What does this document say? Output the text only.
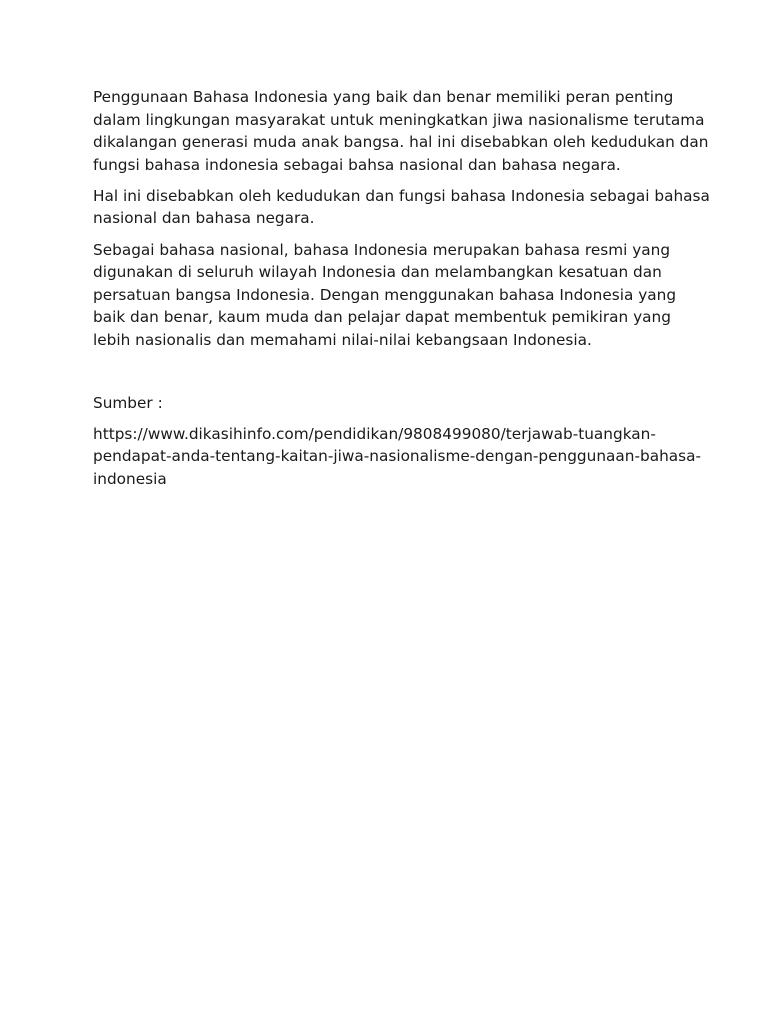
Penggunaan Bahasa Indonesia yang baik dan benar memiliki peran penting
dalam lingkungan masyarakat untuk meningkatkan jiwa nasionalisme terutama
dikalangan generasi muda anak bangsa. hal ini disebabkan oleh kedudukan dan
fungsi bahasa indonesia sebagai bahsa nasional dan bahasa negara.

Hal ini disebabkan oleh kedudukan dan fungsi bahasa Indonesia sebagai bahasa
nasional dan bahasa negara.

Sebagai bahasa nasional, bahasa Indonesia merupakan bahasa resmi yang
digunakan di seluruh wilayah Indonesia dan melambangkan kesatuan dan
persatuan bangsa Indonesia. Dengan menggunakan bahasa Indonesia yang
baik dan benar, kaum muda dan pelajar dapat membentuk pemikiran yang
lebih nasionalis dan memahami nilai-nilai kebangsaan Indonesia.

Sumber :

https://www.dikasihinfo.com/pendidikan/9808499080/terjawab-tuangkan-
pendapat-anda-tentang-kaitan-jiwa-nasionalisme-dengan-penggunaan-bahasa-
indonesia
